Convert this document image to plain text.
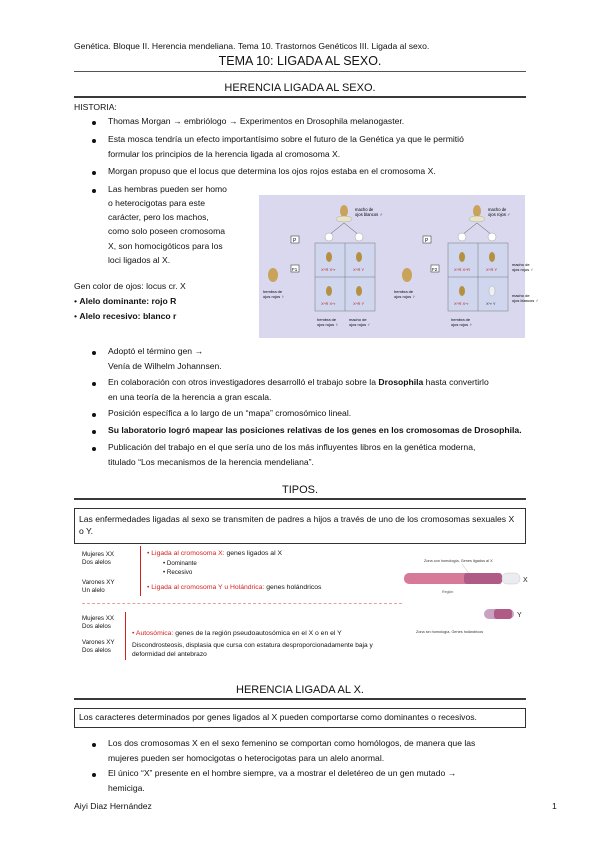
Genética. Bloque II. Herencia mendeliana. Tema 10. Trastornos Genéticos III. Ligada al sexo.
TEMA 10: LIGADA AL SEXO.
HERENCIA LIGADA AL SEXO.
HISTORIA:
Thomas Morgan → embriólogo → Experimentos en Drosophila melanogaster.
Esta mosca tendría un efecto importantísimo sobre el futuro de la Genética ya que le permitió
formular los principios de la herencia ligada al cromosoma X.
Morgan propuso que el locus que determina los ojos rojos estaba en el cromosoma X.
Las hembras pueden ser homo
o heterocigotas para este
carácter, pero los machos,
como solo poseen cromosoma
X, son homocigóticos para los
loci ligados al X.
Gen color de ojos: locus cr. X
• Alelo dominante: rojo R
• Alelo recesivo: blanco r
P
macho de
ojos blancos ♂
X^R X^r	X^R Y
X^R X^r	X^R Y
hembra de
ojos rojos ♀
F1
hembra de
ojos rojos ♀
macho de
ojos rojos ♂
P
macho de
ojos rojos ♂
X^R X^R	X^R Y
X^R X^r	X^r Y
hembra de
ojos rojos ♀
F2
macho de
ojos rojos ♂
macho de
ojos blancos ♂
hembra de
ojos rojos ♀
Adoptó el término gen →
Venía de Wilhelm Johannsen.
En colaboración con otros investigadores desarrolló el trabajo sobre la Drosophila hasta convertirlo
en una teoría de la herencia a gran escala.
Posición específica a lo largo de un “mapa” cromosómico lineal.
Su laboratorio logró mapear las posiciones relativas de los genes en los cromosomas de Drosophila.
Publicación del trabajo en el que sería uno de los más influyentes libros en la genética moderna,
titulado “Los mecanismos de la herencia mendeliana”.
TIPOS.
Las enfermedades ligadas al sexo se transmiten de padres a hijos a través de uno de los cromosomas sexuales X o Y.
Mujeres XX
Dos alelos
Varones XY
Un alelo
• Ligada al cromosoma X: genes ligados al X
• Dominante
• Recesivo
• Ligada al cromosoma Y u Holándrica: genes holándricos
Mujeres XX
Dos alelos
Varones XY
Dos alelos
• Autosómica: genes de la región pseudoautosómica en el X o en el Y
Discondrosteosis, displasia que cursa con estatura desproporcionadamente baja y deformidad del antebrazo
Zona con homología, Genes ligados al X
X
Región
Y
Zona sin homología, Genes holándricos
HERENCIA LIGADA AL X.
Los caracteres determinados por genes ligados al X pueden comportarse como dominantes o recesivos.
Los dos cromosomas X en el sexo femenino se comportan como homólogos, de manera que las
mujeres pueden ser homocigotas o heterocigotas para un alelo anormal.
El único “X” presente en el hombre siempre, va a mostrar el deletéreo de un gen mutado →
hemiciga.
Aiyi Diaz Hernández	1
